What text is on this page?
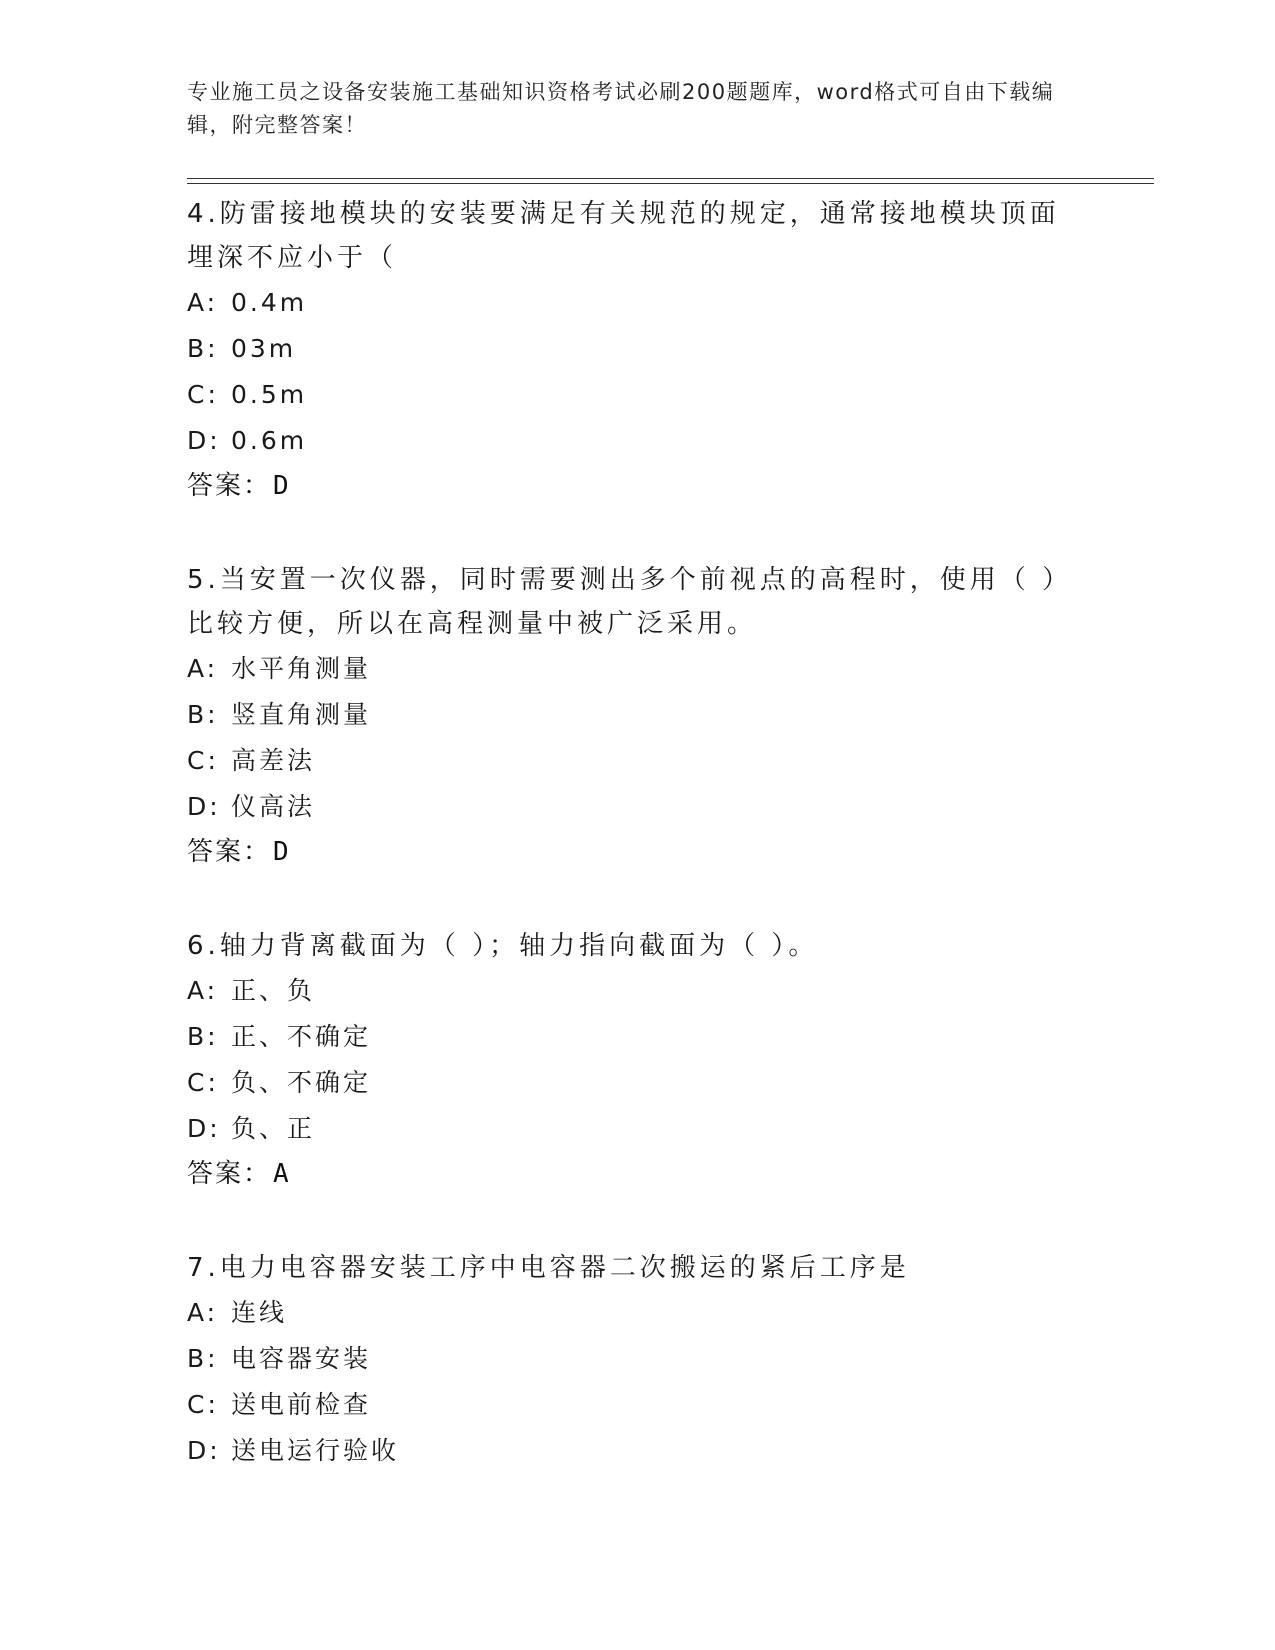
专业施工员之设备安装施工基础知识资格考试必刷200题题库，word格式可自由下载编辑，附完整答案！

4.防雷接地模块的安装要满足有关规范的规定，通常接地模块顶面埋深不应小于（

A: 0.4m
B: 03m
C: 0.5m
D: 0.6m
答案：D

5.当安置一次仪器，同时需要测出多个前视点的高程时，使用（ ）比较方便，所以在高程测量中被广泛采用。

A: 水平角测量
B: 竖直角测量
C: 高差法
D: 仪高法
答案：D

6.轴力背离截面为（ ）；轴力指向截面为（ ）。

A: 正、负
B: 正、不确定
C: 负、不确定
D: 负、正
答案：A

7.电力电容器安装工序中电容器二次搬运的紧后工序是

A: 连线
B: 电容器安装
C: 送电前检查
D: 送电运行验收
